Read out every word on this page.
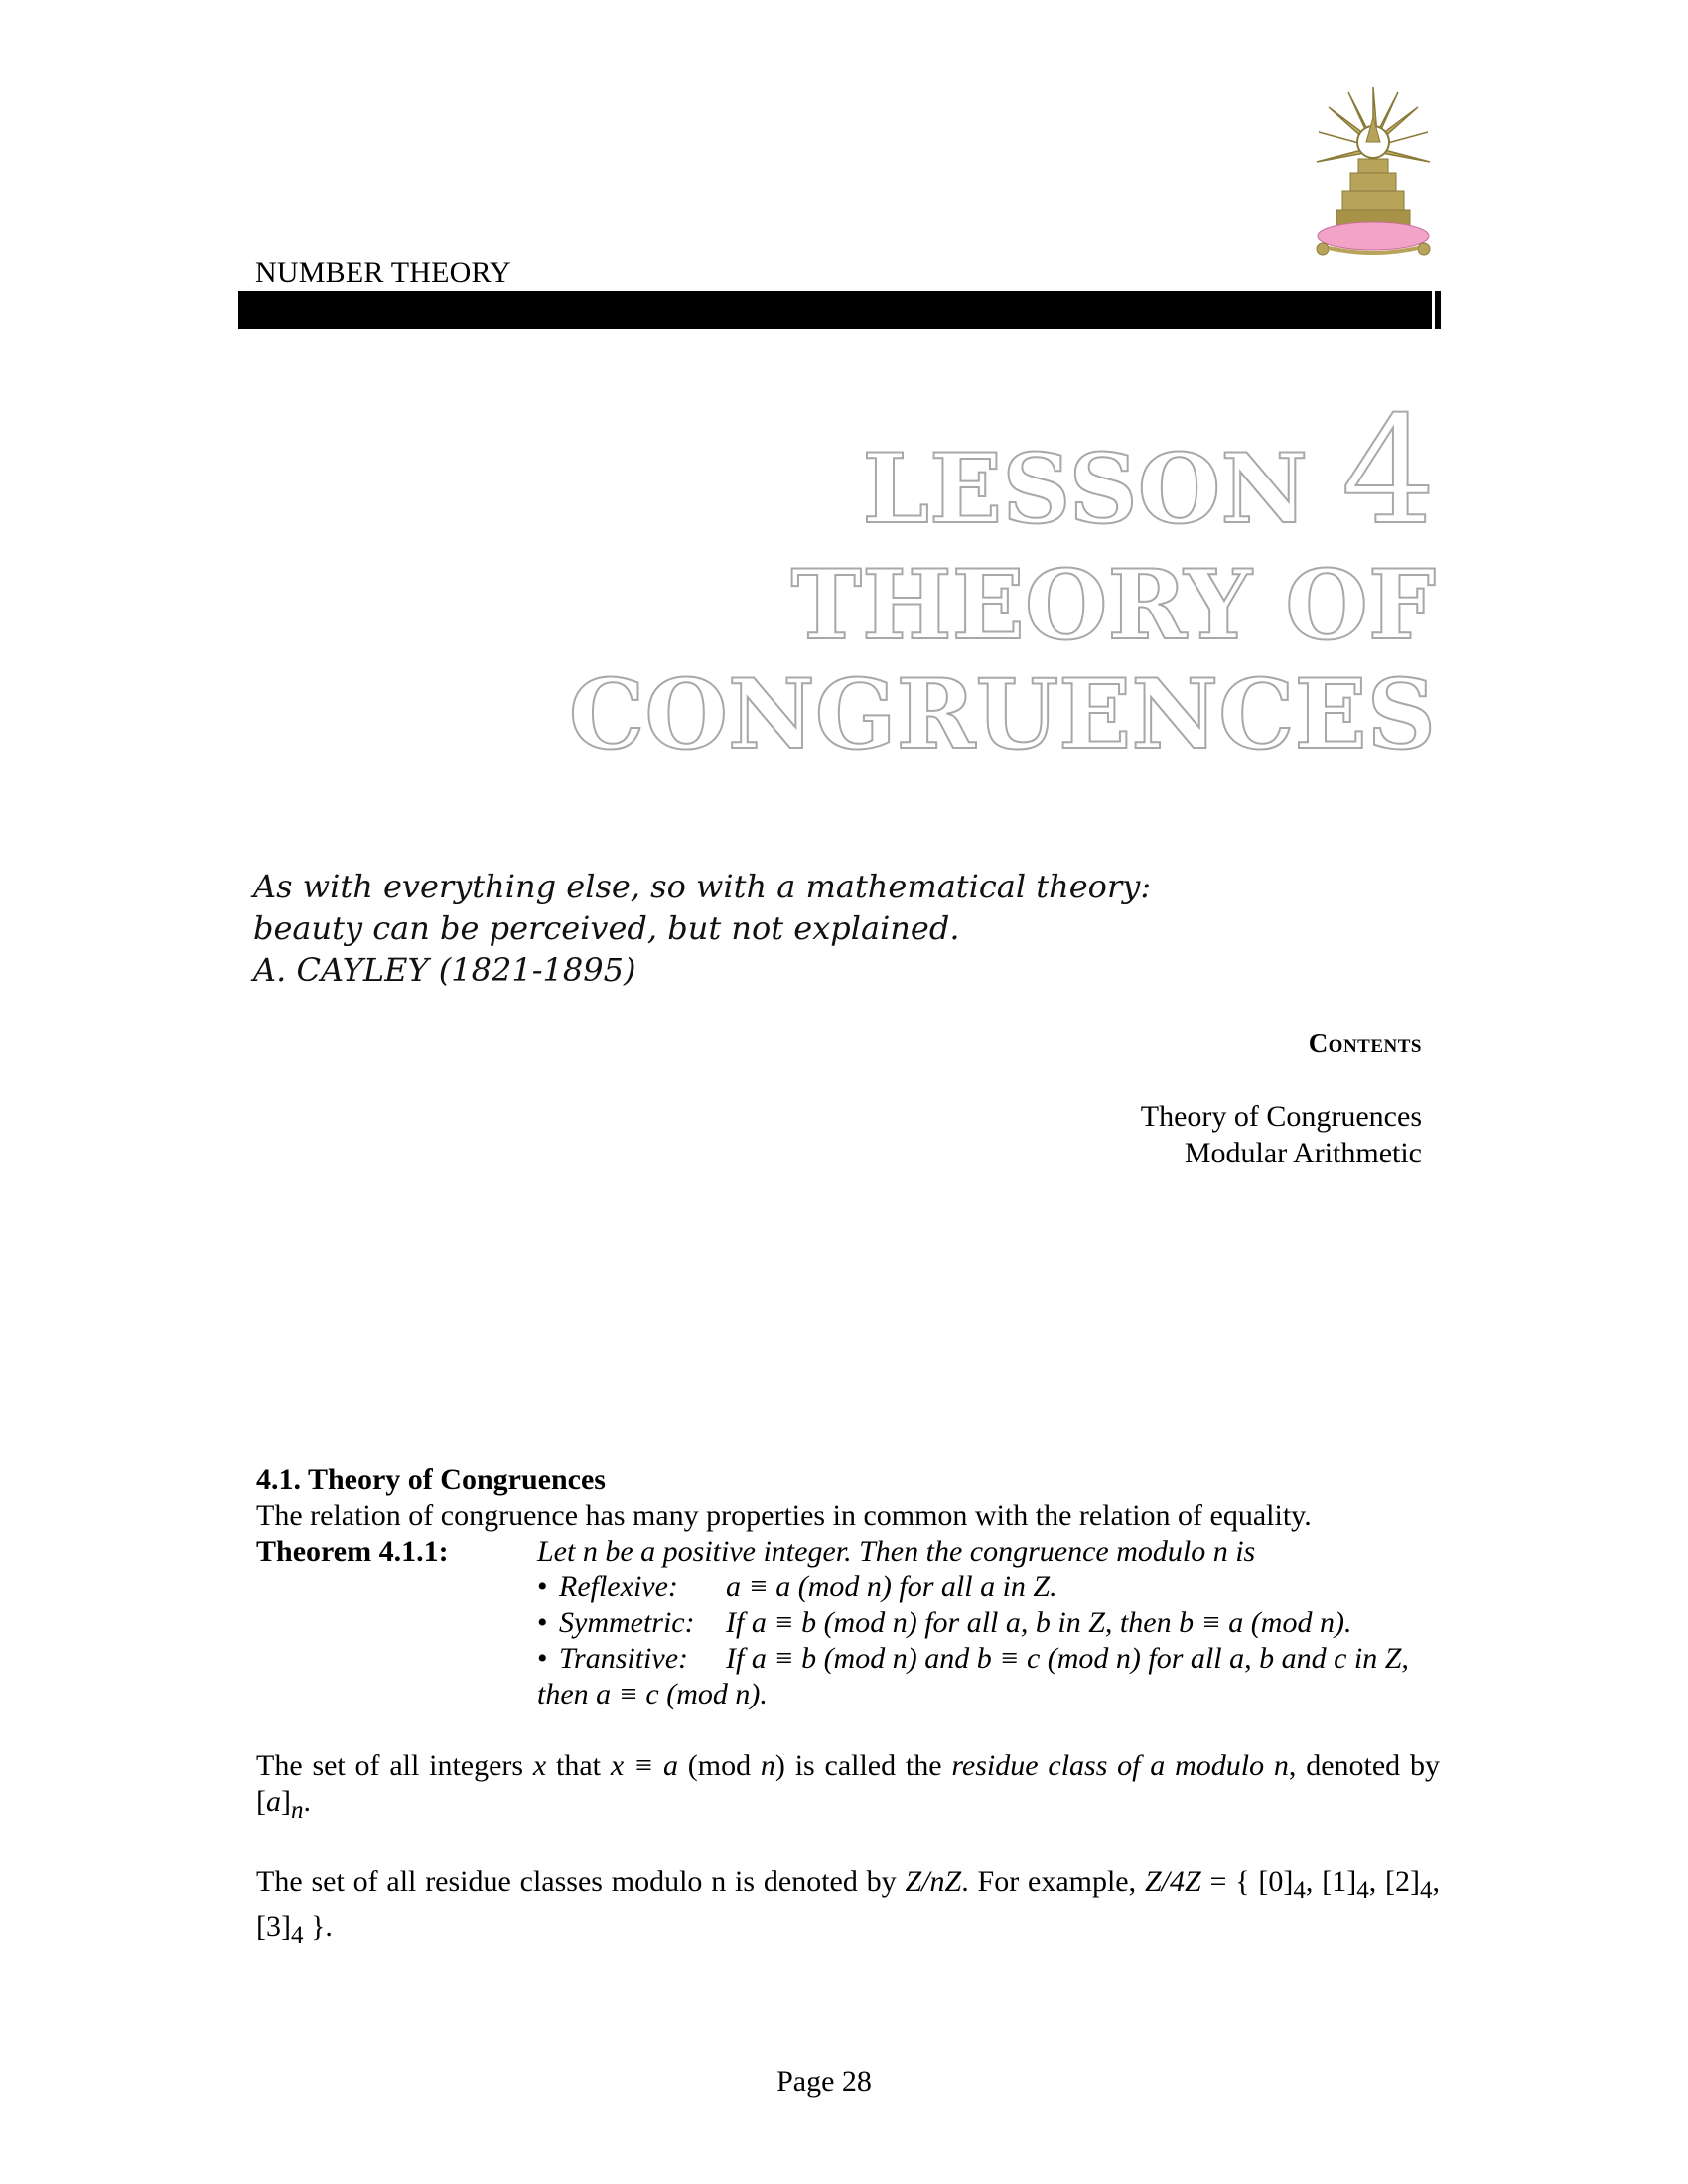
NUMBER THEORY
LESSON 4
THEORY OF
CONGRUENCES
As with everything else, so with a mathematical theory:
beauty can be perceived, but not explained.
A. CAYLEY (1821-1895)
Contents
Theory of Congruences
Modular Arithmetic
4.1. Theory of Congruences
The relation of congruence has many properties in common with the relation of equality.
Theorem 4.1.1:	Let n be a positive integer. Then the congruence modulo n is
• Reflexive:	a ≡ a (mod n) for all a in Z.
• Symmetric:	If a ≡ b (mod n) for all a, b in Z, then b ≡ a (mod n).
• Transitive:	If a ≡ b (mod n) and b ≡ c (mod n) for all a, b and c in Z,
then a ≡ c (mod n).
The set of all integers x that x ≡ a (mod n) is called the residue class of a modulo n, denoted by $[a]_n$.
The set of all residue classes modulo n is denoted by Z/nZ. For example, Z/4Z = { $[0]_4$, $[1]_4$, $[2]_4$, $[3]_4$ }.
Page 28
